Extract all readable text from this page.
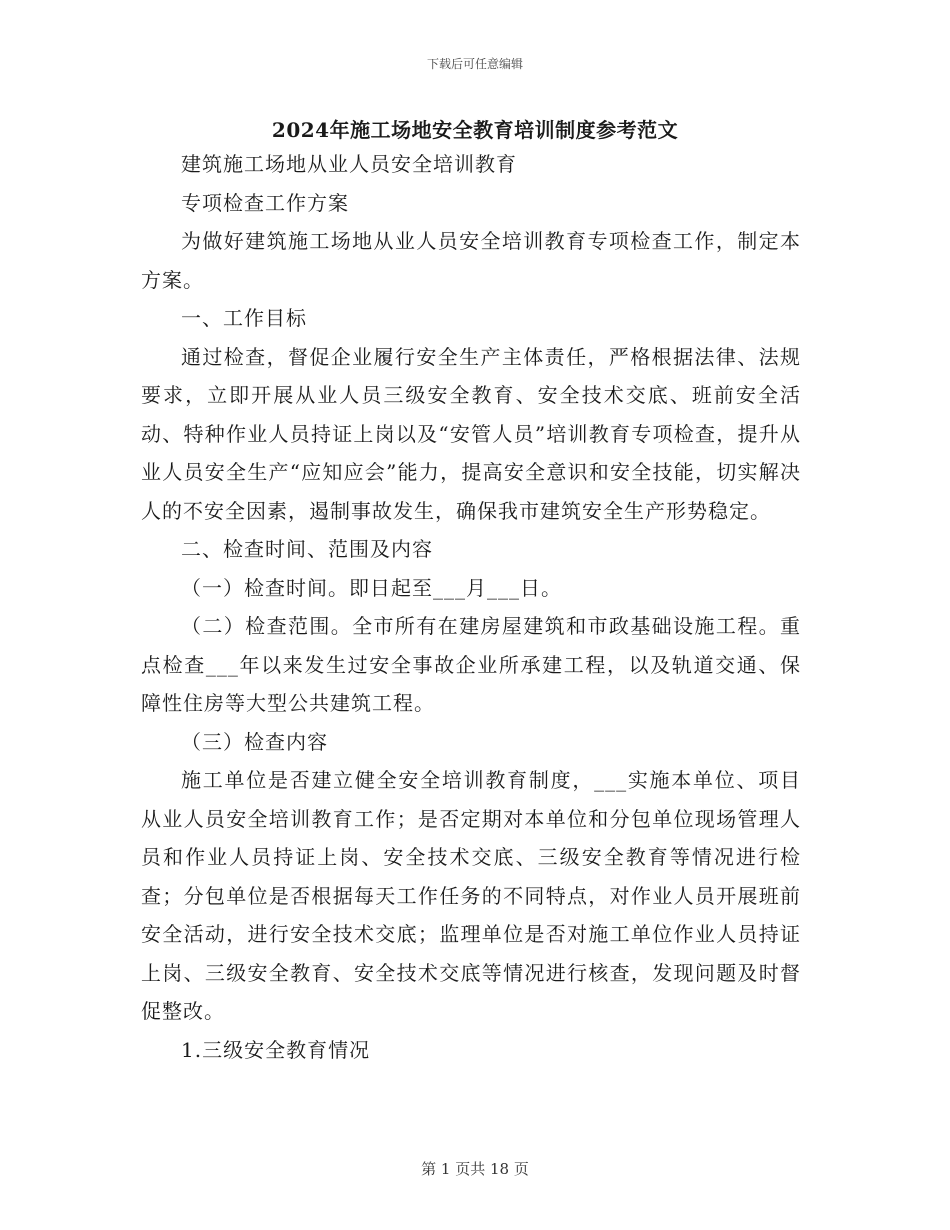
下载后可任意编辑
2024年施工场地安全教育培训制度参考范文

建筑施工场地从业人员安全培训教育

专项检查工作方案

为做好建筑施工场地从业人员安全培训教育专项检查工作，制定本方案。

一、工作目标

通过检查，督促企业履行安全生产主体责任，严格根据法律、法规要求，立即开展从业人员三级安全教育、安全技术交底、班前安全活动、特种作业人员持证上岗以及“安管人员”培训教育专项检查，提升从业人员安全生产“应知应会”能力，提高安全意识和安全技能，切实解决人的不安全因素，遏制事故发生，确保我市建筑安全生产形势稳定。

二、检查时间、范围及内容

（一）检查时间。即日起至___月___日。

（二）检查范围。全市所有在建房屋建筑和市政基础设施工程。重点检查___年以来发生过安全事故企业所承建工程，以及轨道交通、保障性住房等大型公共建筑工程。

（三）检查内容

施工单位是否建立健全安全培训教育制度，___实施本单位、项目从业人员安全培训教育工作；是否定期对本单位和分包单位现场管理人员和作业人员持证上岗、安全技术交底、三级安全教育等情况进行检查；分包单位是否根据每天工作任务的不同特点，对作业人员开展班前安全活动，进行安全技术交底；监理单位是否对施工单位作业人员持证上岗、三级安全教育、安全技术交底等情况进行核查，发现问题及时督促整改。

1.三级安全教育情况

第 1 页共 18 页
